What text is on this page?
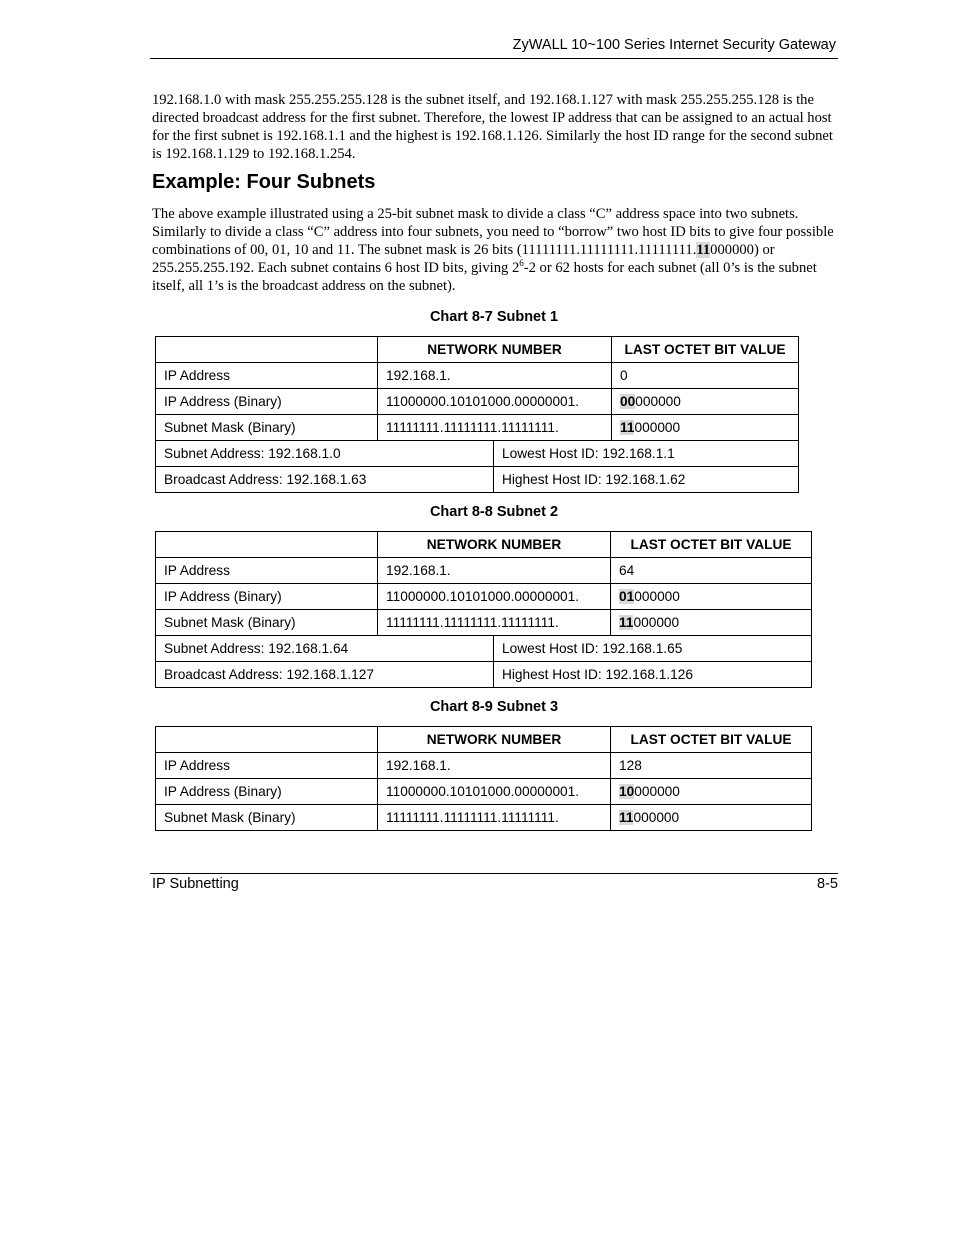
ZyWALL 10~100 Series Internet Security Gateway

192.168.1.0 with mask 255.255.255.128 is the subnet itself, and 192.168.1.127 with mask 255.255.255.128 is the directed broadcast address for the first subnet. Therefore, the lowest IP address that can be assigned to an actual host for the first subnet is 192.168.1.1 and the highest is 192.168.1.126. Similarly the host ID range for the second subnet is 192.168.1.129 to 192.168.1.254.

Example: Four Subnets

The above example illustrated using a 25-bit subnet mask to divide a class “C” address space into two subnets. Similarly to divide a class “C” address into four subnets, you need to “borrow” two host ID bits to give four possible combinations of 00, 01, 10 and 11. The subnet mask is 26 bits (11111111.11111111.11111111.11000000) or 255.255.255.192. Each subnet contains 6 host ID bits, giving $2^6-2$ or 62 hosts for each subnet (all 0’s is the subnet itself, all 1’s is the broadcast address on the subnet).

Chart 8-7 Subnet 1
	NETWORK NUMBER		LAST OCTET BIT VALUE
IP Address	192.168.1.		0
IP Address (Binary)	11000000.10101000.00000001.		00000000
Subnet Mask (Binary)	11111111.11111111.11111111.		11000000
Subnet Address: 192.168.1.0		Lowest Host ID: 192.168.1.1	
Broadcast Address: 192.168.1.63		Highest Host ID: 192.168.1.62	
Chart 8-8 Subnet 2
	NETWORK NUMBER		LAST OCTET BIT VALUE
IP Address	192.168.1.		64
IP Address (Binary)	11000000.10101000.00000001.		01000000
Subnet Mask (Binary)	11111111.11111111.11111111.		11000000
Subnet Address: 192.168.1.64		Lowest Host ID: 192.168.1.65	
Broadcast Address: 192.168.1.127		Highest Host ID: 192.168.1.126	
Chart 8-9 Subnet 3
	NETWORK NUMBER	LAST OCTET BIT VALUE
IP Address	192.168.1.	128
IP Address (Binary)	11000000.10101000.00000001.	10000000
Subnet Mask (Binary)	11111111.11111111.11111111.	11000000
IP Subnetting	8-5
